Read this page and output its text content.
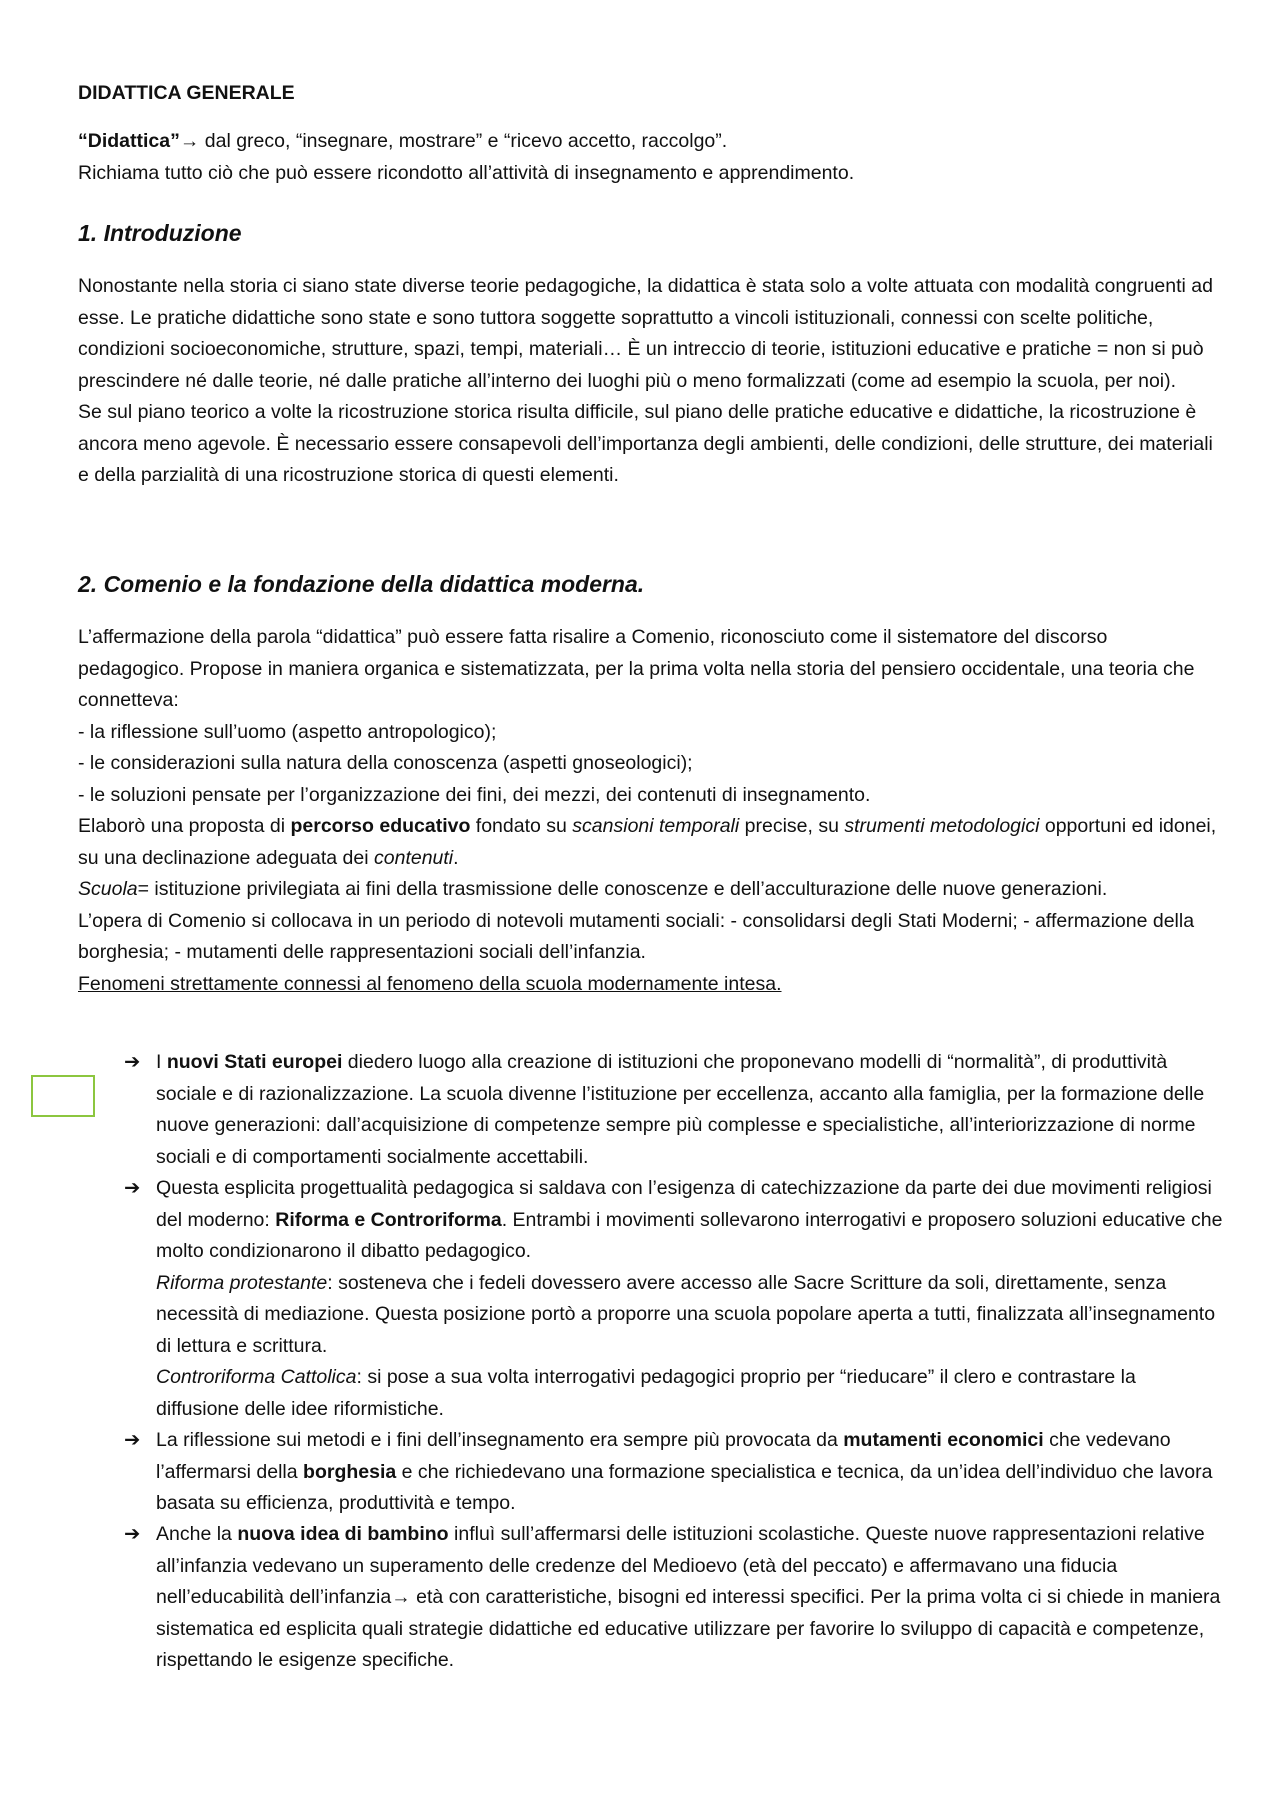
DIDATTICA GENERALE

“Didattica”→ dal greco, “insegnare, mostrare” e “ricevo accetto, raccolgo”.

Richiama tutto ciò che può essere ricondotto all’attività di insegnamento e apprendimento.

1. Introduzione

Nonostante nella storia ci siano state diverse teorie pedagogiche, la didattica è stata solo a volte attuata con modalità congruenti ad esse. Le pratiche didattiche sono state e sono tuttora soggette soprattutto a vincoli istituzionali, connessi con scelte politiche, condizioni socioeconomiche, strutture, spazi, tempi, materiali… È un intreccio di teorie, istituzioni educative e pratiche = non si può prescindere né dalle teorie, né dalle pratiche all’interno dei luoghi più o meno formalizzati (come ad esempio la scuola, per noi).

Se sul piano teorico a volte la ricostruzione storica risulta difficile, sul piano delle pratiche educative e didattiche, la ricostruzione è ancora meno agevole. È necessario essere consapevoli dell’importanza degli ambienti, delle condizioni, delle strutture, dei materiali e della parzialità di una ricostruzione storica di questi elementi.

2. Comenio e la fondazione della didattica moderna.

L’affermazione della parola “didattica” può essere fatta risalire a Comenio, riconosciuto come il sistematore del discorso pedagogico. Propose in maniera organica e sistematizzata, per la prima volta nella storia del pensiero occidentale, una teoria che connetteva:

- la riflessione sull’uomo (aspetto antropologico);

- le considerazioni sulla natura della conoscenza (aspetti gnoseologici);

- le soluzioni pensate per l’organizzazione dei fini, dei mezzi, dei contenuti di insegnamento.

Elaborò una proposta di percorso educativo fondato su scansioni temporali precise, su strumenti metodologici opportuni ed idonei, su una declinazione adeguata dei contenuti.

Scuola= istituzione privilegiata ai fini della trasmissione delle conoscenze e dell’acculturazione delle nuove generazioni.

L’opera di Comenio si collocava in un periodo di notevoli mutamenti sociali: - consolidarsi degli Stati Moderni; - affermazione della borghesia; - mutamenti delle rappresentazioni sociali dell’infanzia.

Fenomeni strettamente connessi al fenomeno della scuola modernamente intesa.

➔ I nuovi Stati europei diedero luogo alla creazione di istituzioni che proponevano modelli di “normalità”, di produttività sociale e di razionalizzazione. La scuola divenne l’istituzione per eccellenza, accanto alla famiglia, per la formazione delle nuove generazioni: dall’acquisizione di competenze sempre più complesse e specialistiche, all’interiorizzazione di norme sociali e di comportamenti socialmente accettabili.
➔ Questa esplicita progettualità pedagogica si saldava con l’esigenza di catechizzazione da parte dei due movimenti religiosi del moderno: Riforma e Controriforma. Entrambi i movimenti sollevarono interrogativi e proposero soluzioni educative che molto condizionarono il dibatto pedagogico.

Riforma protestante: sosteneva che i fedeli dovessero avere accesso alle Sacre Scritture da soli, direttamente, senza necessità di mediazione. Questa posizione portò a proporre una scuola popolare aperta a tutti, finalizzata all’insegnamento di lettura e scrittura.

Controriforma Cattolica: si pose a sua volta interrogativi pedagogici proprio per “rieducare” il clero e contrastare la diffusione delle idee riformistiche.

➔ La riflessione sui metodi e i fini dell’insegnamento era sempre più provocata da mutamenti economici che vedevano l’affermarsi della borghesia e che richiedevano una formazione specialistica e tecnica, da un’idea dell’individuo che lavora basata su efficienza, produttività e tempo.
➔ Anche la nuova idea di bambino influì sull’affermarsi delle istituzioni scolastiche. Queste nuove rappresentazioni relative all’infanzia vedevano un superamento delle credenze del Medioevo (età del peccato) e affermavano una fiducia nell’educabilità dell’infanzia→ età con caratteristiche, bisogni ed interessi specifici. Per la prima volta ci si chiede in maniera sistematica ed esplicita quali strategie didattiche ed educative utilizzare per favorire lo sviluppo di capacità e competenze, rispettando le esigenze specifiche.
